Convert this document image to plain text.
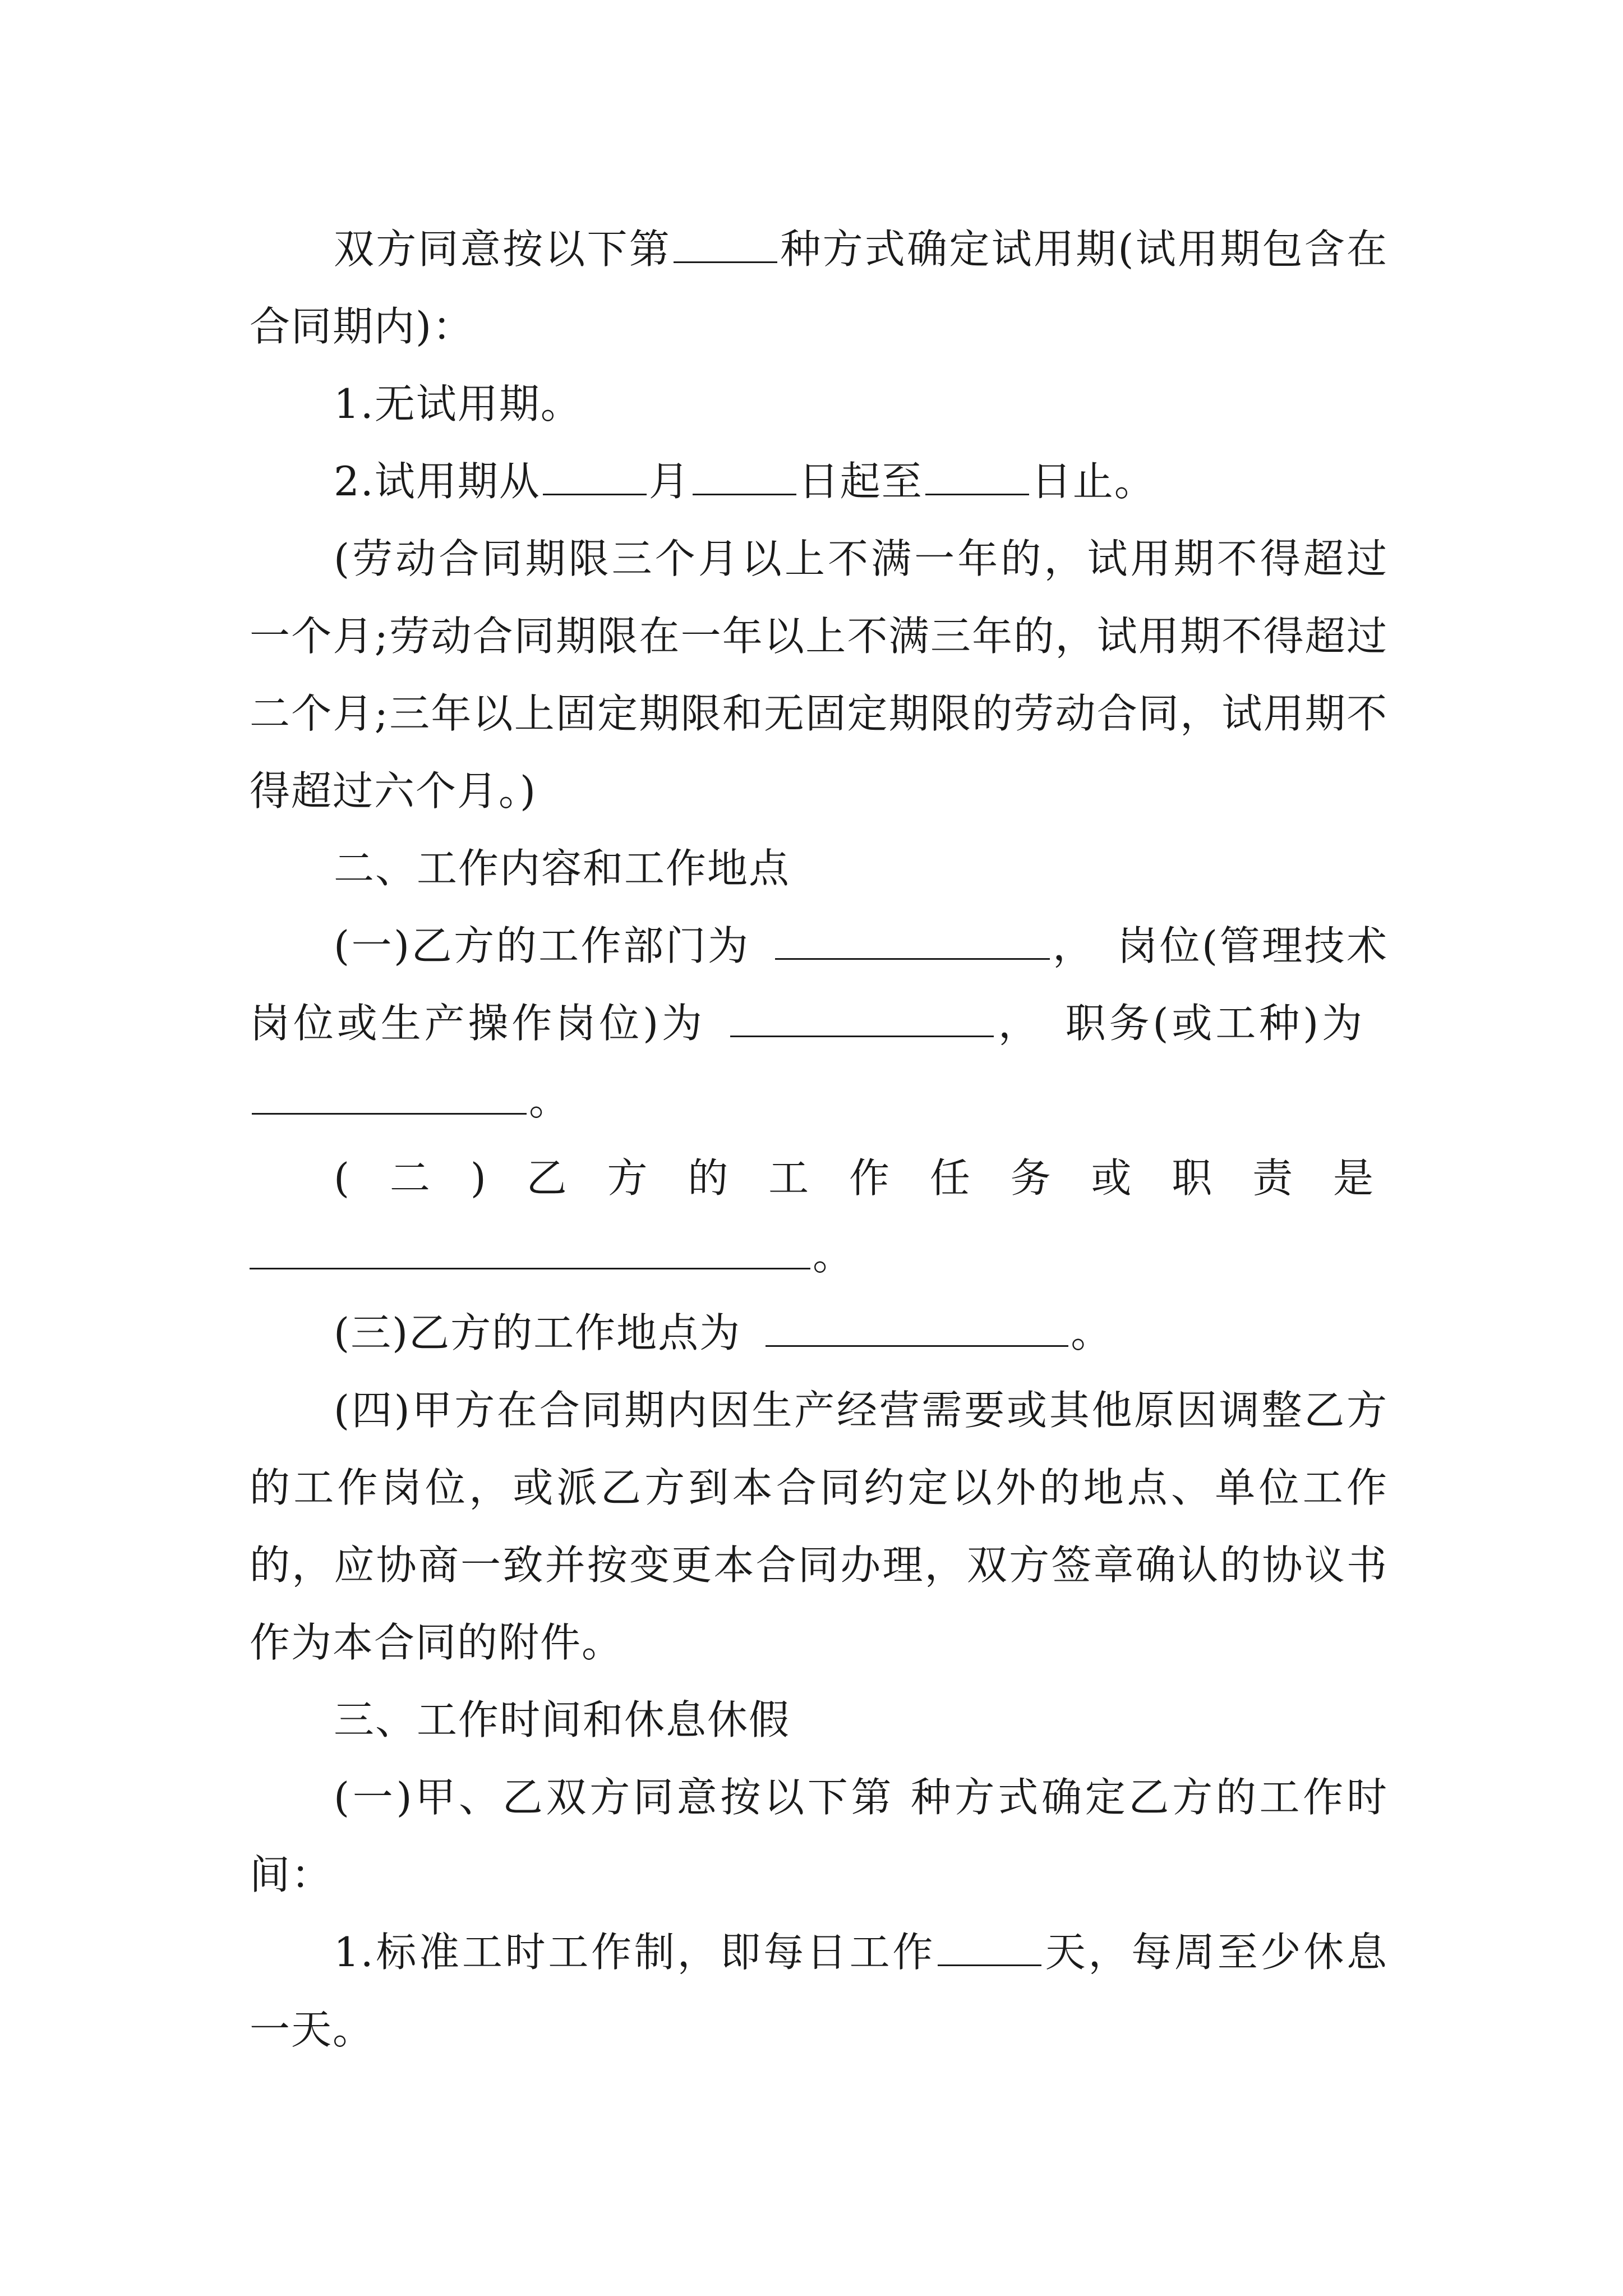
双方同意按以下第	种方式确定试用期(试用期包含在合同期内)：

1.无试用期。

2.试用期从	月	日起至	日止。

(劳动合同期限三个月以上不满一年的，试用期不得超过一个月;劳动合同期限在一年以上不满三年的，试用期不得超过二个月;三年以上固定期限和无固定期限的劳动合同，试用期不得超过六个月。)

二、工作内容和工作地点

(一)乙方的工作部门为	，　岗位(管理技术岗位或生产操作岗位)为	，　职务(或工种)为。

(二)乙方的工作任务或职责是

。

(三)乙方的工作地点为	。

(四)甲方在合同期内因生产经营需要或其他原因调整乙方的工作岗位，或派乙方到本合同约定以外的地点、单位工作的，应协商一致并按变更本合同办理，双方签章确认的协议书作为本合同的附件。

三、工作时间和休息休假

(一)甲、乙双方同意按以下第 种方式确定乙方的工作时间：

1.标准工时工作制，即每日工作	天，每周至少休息一天。
